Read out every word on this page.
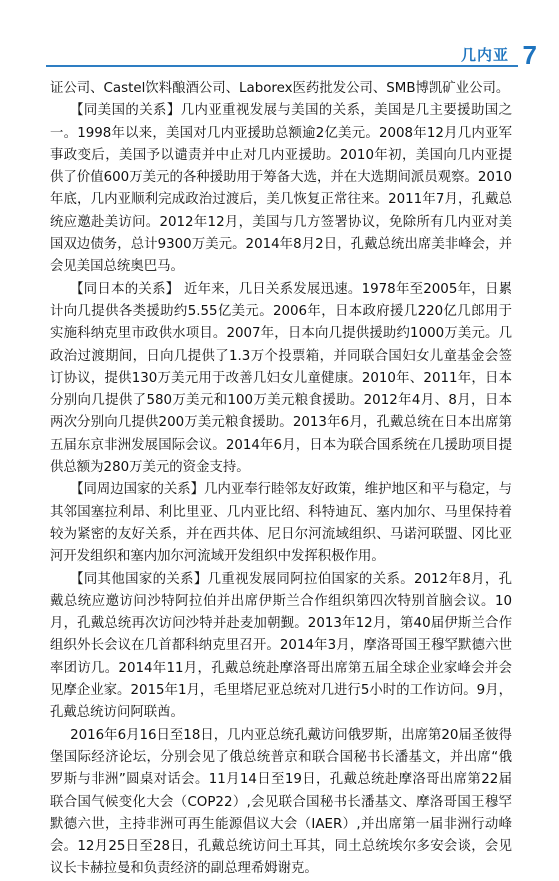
几内亚 7

证公司、Castel饮料酿酒公司、Laborex医药批发公司、SMB博凯矿业公司。

【同美国的关系】几内亚重视发展与美国的关系，美国是几主要援助国之一。1998年以来，美国对几内亚援助总额逾2亿美元。2008年12月几内亚军事政变后，美国予以谴责并中止对几内亚援助。2010年初，美国向几内亚提供了价值600万美元的各种援助用于筹备大选，并在大选期间派员观察。2010年底，几内亚顺利完成政治过渡后，美几恢复正常往来。2011年7月，孔戴总统应邀赴美访问。2012年12月，美国与几方签署协议，免除所有几内亚对美国双边债务，总计9300万美元。2014年8月2日，孔戴总统出席美非峰会，并会见美国总统奥巴马。

【同日本的关系】 近年来，几日关系发展迅速。1978年至2005年，日累计向几提供各类援助约5.55亿美元。2006年，日本政府援几220亿几郎用于实施科纳克里市政供水项目。2007年，日本向几提供援助约1000万美元。几政治过渡期间，日向几提供了1.3万个投票箱，并同联合国妇女儿童基金会签订协议，提供130万美元用于改善几妇女儿童健康。2010年、2011年，日本分别向几提供了580万美元和100万美元粮食援助。2012年4月、8月，日本两次分别向几提供200万美元粮食援助。2013年6月，孔戴总统在日本出席第五届东京非洲发展国际会议。2014年6月，日本为联合国系统在几援助项目提供总额为280万美元的资金支持。

【同周边国家的关系】几内亚奉行睦邻友好政策，维护地区和平与稳定，与其邻国塞拉利昂、利比里亚、几内亚比绍、科特迪瓦、塞内加尔、马里保持着较为紧密的友好关系，并在西共体、尼日尔河流域组织、马诺河联盟、冈比亚河开发组织和塞内加尔河流域开发组织中发挥积极作用。

【同其他国家的关系】几重视发展同阿拉伯国家的关系。2012年8月，孔戴总统应邀访问沙特阿拉伯并出席伊斯兰合作组织第四次特别首脑会议。10月，孔戴总统再次访问沙特并赴麦加朝觐。2013年12月，第40届伊斯兰合作组织外长会议在几首都科纳克里召开。2014年3月，摩洛哥国王穆罕默德六世率团访几。2014年11月，孔戴总统赴摩洛哥出席第五届全球企业家峰会并会见摩企业家。2015年1月，毛里塔尼亚总统对几进行5小时的工作访问。9月，孔戴总统访问阿联酋。

2016年6月16日至18日，几内亚总统孔戴访问俄罗斯，出席第20届圣彼得堡国际经济论坛，分别会见了俄总统普京和联合国秘书长潘基文，并出席“俄罗斯与非洲”圆桌对话会。11月14日至19日，孔戴总统赴摩洛哥出席第22届联合国气候变化大会（COP22）,会见联合国秘书长潘基文、摩洛哥国王穆罕默德六世，主持非洲可再生能源倡议大会（IAER）,并出席第一届非洲行动峰会。12月25日至28日，孔戴总统访问土耳其，同土总统埃尔多安会谈，会见议长卡赫拉曼和负责经济的副总理希姆谢克。
